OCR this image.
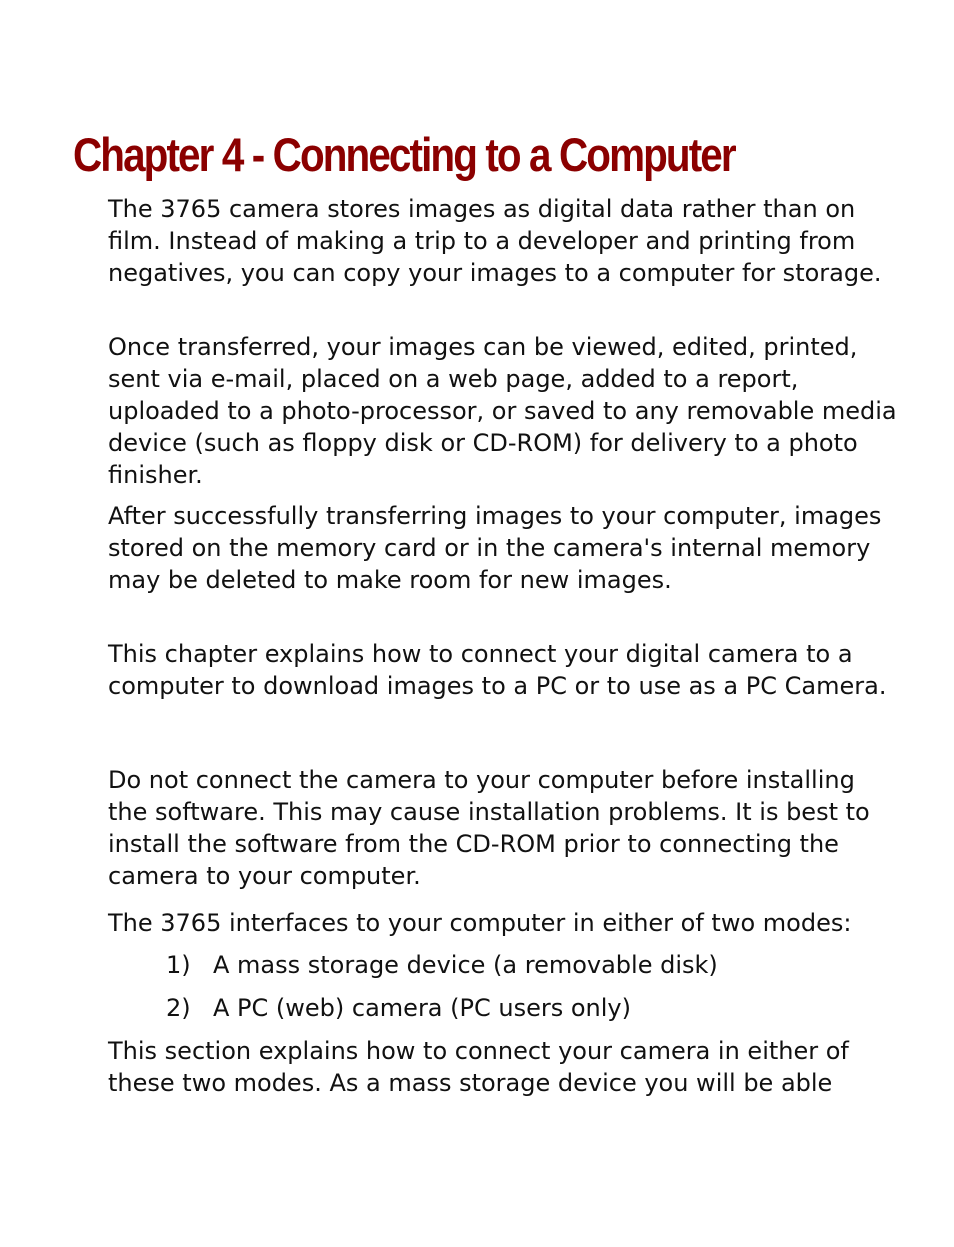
Chapter 4 - Connecting to a Computer

The 3765 camera stores images as digital data rather than on film. Instead of making a trip to a developer and printing from negatives, you can copy your images to a computer for storage.

Once transferred, your images can be viewed, edited, printed, sent via e-mail, placed on a web page, added to a report, uploaded to a photo-processor, or saved to any removable media device (such as floppy disk or CD-ROM) for delivery to a photo finisher.

After successfully transferring images to your computer, images stored on the memory card or in the camera's internal memory may be deleted to make room for new images.

This chapter explains how to connect your digital camera to a computer to download images to a PC or to use as a PC Camera.

Do not connect the camera to your computer before installing the software. This may cause installation problems. It is best to install the software from the CD-ROM prior to connecting the camera to your computer.

The 3765 interfaces to your computer in either of two modes:

1) A mass storage device (a removable disk)
2) A PC (web) camera (PC users only)

This section explains how to connect your camera in either of these two modes. As a mass storage device you will be able
